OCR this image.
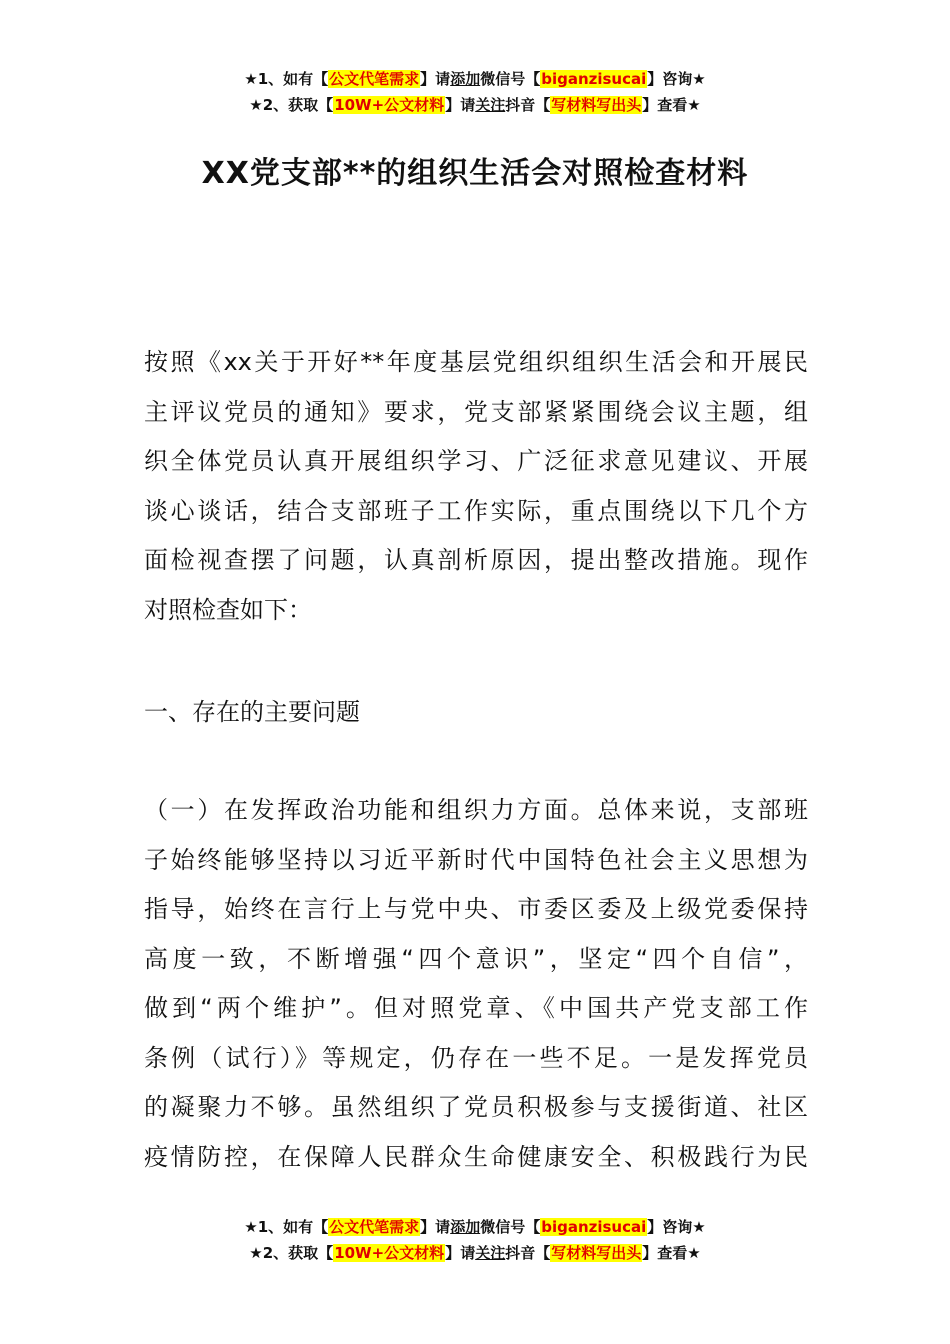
★1、如有【公文代笔需求】请添加微信号【biganzisucai】咨询★
★2、获取【10W+公文材料】请关注抖音【写材料写出头】查看★
XX党支部**的组织生活会对照检查材料
按照《xx关于开好**年度基层党组织组织生活会和开展民
主评议党员的通知》要求，党支部紧紧围绕会议主题，组
织全体党员认真开展组织学习、广泛征求意见建议、开展
谈心谈话，结合支部班子工作实际，重点围绕以下几个方
面检视查摆了问题，认真剖析原因，提出整改措施。现作
对照检查如下：
一、存在的主要问题
（一）在发挥政治功能和组织力方面。总体来说，支部班
子始终能够坚持以习近平新时代中国特色社会主义思想为
指导，始终在言行上与党中央、市委区委及上级党委保持
高度一致，不断增强“四个意识”，坚定“四个自信”，
做到“两个维护”。但对照党章、《中国共产党支部工作
条例（试行）》等规定，仍存在一些不足。一是发挥党员
的凝聚力不够。虽然组织了党员积极参与支援街道、社区
疫情防控，在保障人民群众生命健康安全、积极践行为民
★1、如有【公文代笔需求】请添加微信号【biganzisucai】咨询★
★2、获取【10W+公文材料】请关注抖音【写材料写出头】查看★
